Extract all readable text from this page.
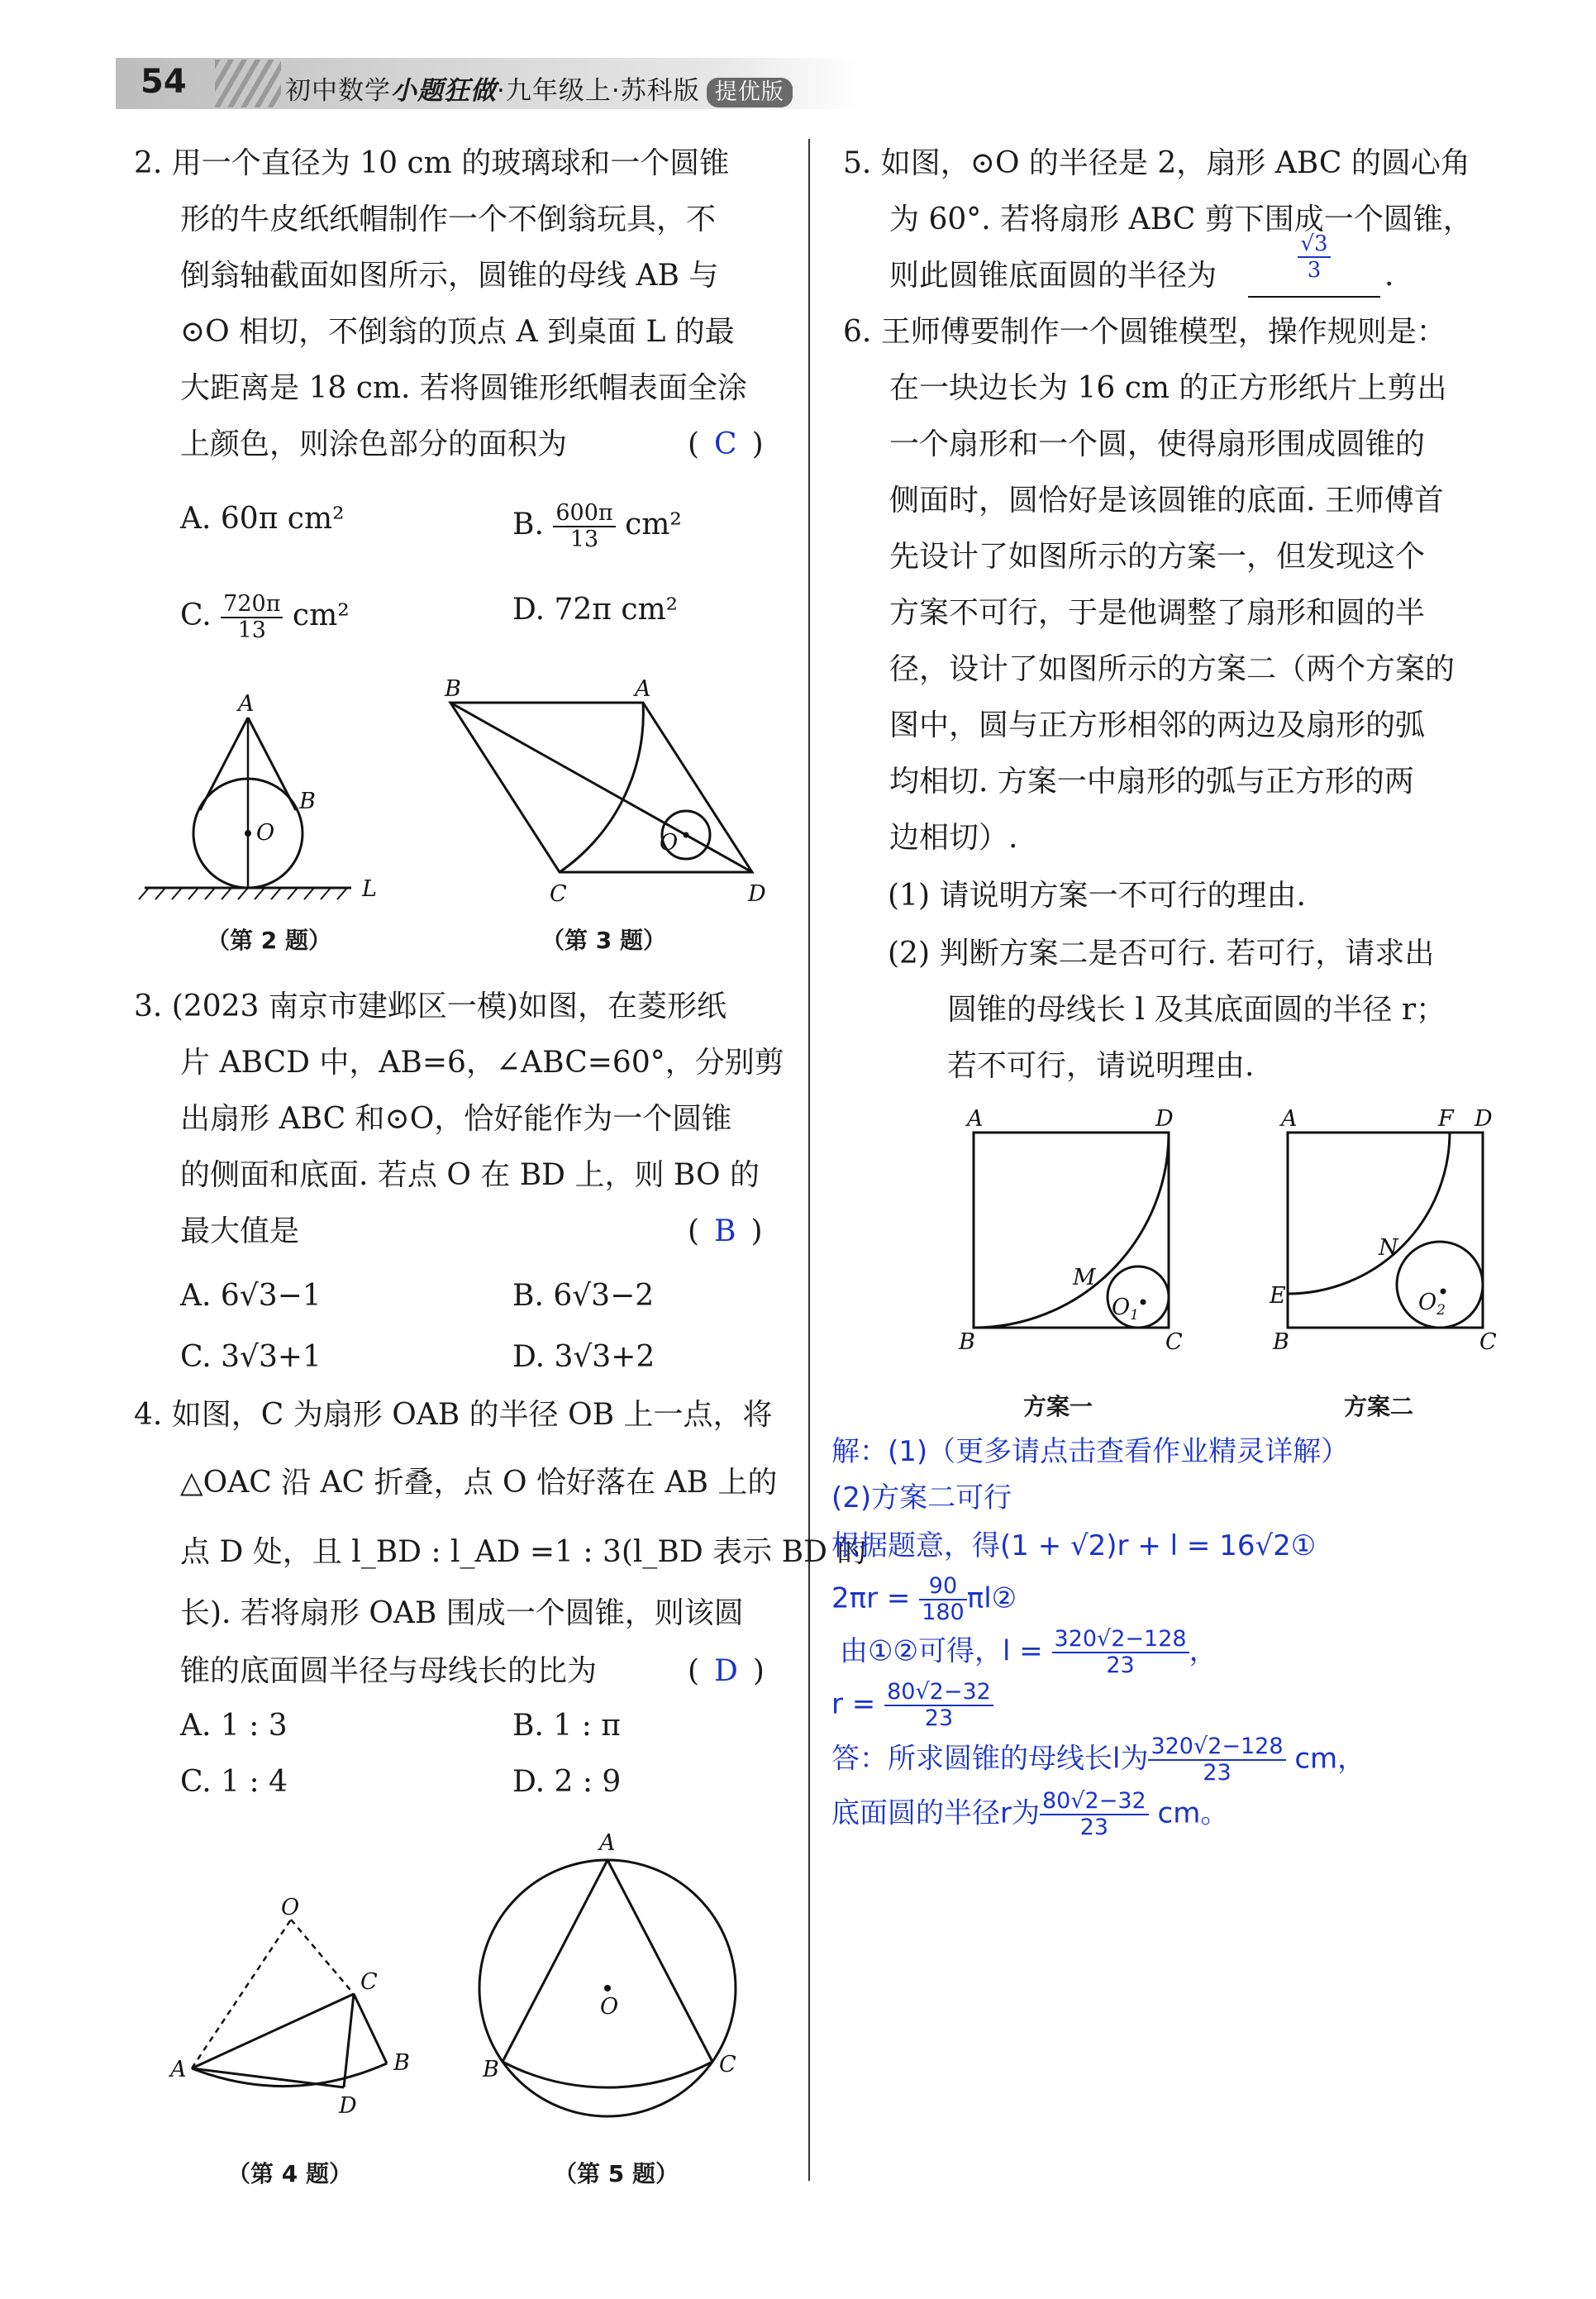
54	初中数学小题狂做·九年级上·苏科版 提优版
2. 用一个直径为 10 cm 的玻璃球和一个圆锥
形的牛皮纸纸帽制作一个不倒翁玩具，不
倒翁轴截面如图所示，圆锥的母线 AB 与
⊙O 相切，不倒翁的顶点 A 到桌面 L 的最
大距离是 18 cm. 若将圆锥形纸帽表面全涂
上颜色，则涂色部分的面积为	( C )
A. 60π cm²	B. $\frac{600\pi}{13} cm^2$
C. $\frac{720\pi}{13} cm^2$	D. 72π cm²
A
B
O
L
（第 2 题）
B	A
C	D
O
（第 3 题）
3. (2023 南京市建邺区一模)如图，在菱形纸
片 ABCD 中，AB=6，∠ABC=60°，分别剪
出扇形 ABC 和⊙O，恰好能作为一个圆锥
的侧面和底面. 若点 O 在 BD 上，则 BO 的
最大值是	( B )
A. 6√3−1	B. 6√3−2
C. 3√3+1	D. 3√3+2
4. 如图，C 为扇形 OAB 的半径 OB 上一点，将
△OAC 沿 AC 折叠，点 O 恰好落在 AB 上的
点 D 处，且 l_BD : l_AD =1 : 3(l_BD 表示 BD 的
长). 若将扇形 OAB 围成一个圆锥，则该圆
锥的底面圆半径与母线长的比为	( D )
A. 1 : 3	B. 1 : π
C. 1 : 4	D. 2 : 9
O
A
C
B
D
（第 4 题）
A
B	C
O
（第 5 题）
5. 如图，⊙O 的半径是 2，扇形 ABC 的圆心角
为 60°. 若将扇形 ABC 剪下围成一个圆锥，
则此圆锥底面圆的半径为	$\frac{√3}{3}$ .
6. 王师傅要制作一个圆锥模型，操作规则是：
在一块边长为 16 cm 的正方形纸片上剪出
一个扇形和一个圆，使得扇形围成圆锥的
侧面时，圆恰好是该圆锥的底面. 王师傅首
先设计了如图所示的方案一，但发现这个
方案不可行，于是他调整了扇形和圆的半
径，设计了如图所示的方案二（两个方案的
图中，圆与正方形相邻的两边及扇形的弧
均相切. 方案一中扇形的弧与正方形的两
边相切）.
(1) 请说明方案一不可行的理由.
(2) 判断方案二是否可行. 若可行，请求出
圆锥的母线长 l 及其底面圆的半径 r；
若不可行，请说明理由.
A	D
B	C
M
$O_1$
方案一
A	F D
E
B	C
N
$O_2$
方案二
解：(1)（更多请点击查看作业精灵详解）
(2)方案二可行
根据题意，得(1 + √2)r + l = 16√2①
$2\pi r = \frac{90}{180}$ πl②
由①②可得，$l = \frac{320√2-128}{23}$ ，
$r = \frac{80√2-32}{23}$
答：所求圆锥的母线长l为 $\frac{320√2-128}{23}$ cm，
底面圆的半径r为 $\frac{80√2-32}{23}$ cm。
